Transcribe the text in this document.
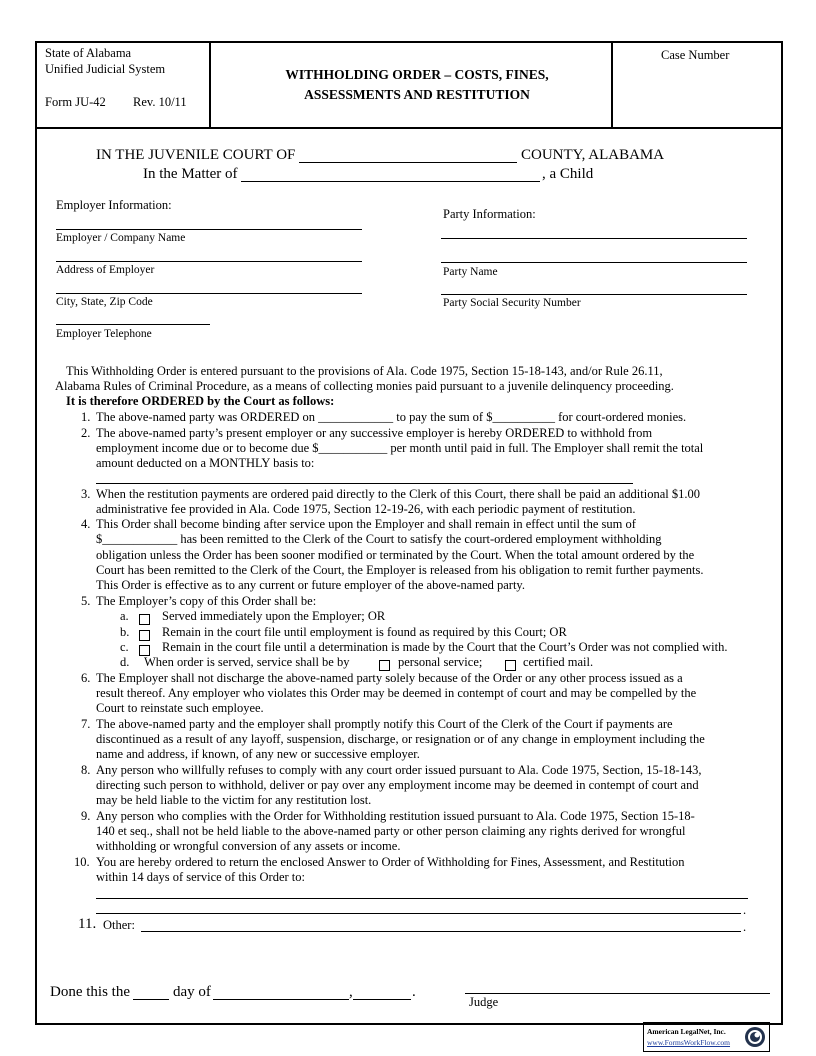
State of Alabama
Unified Judicial System
Form JU-42 Rev. 10/11
WITHHOLDING ORDER – COSTS, FINES,
ASSESSMENTS AND RESTITUTION
Case Number
IN THE JUVENILE COURT OF	COUNTY, ALABAMA
In the Matter of	, a Child
Employer Information:
Employer / Company Name
Address of Employer
City, State, Zip Code
Employer Telephone
Party Information:
Party Name
Party Social Security Number
This Withholding Order is entered pursuant to the provisions of Ala. Code 1975, Section 15-18-143, and/or Rule 26.11,
Alabama Rules of Criminal Procedure, as a means of collecting monies paid pursuant to a juvenile delinquency proceeding.
It is therefore ORDERED by the Court as follows:
1. The above-named party was ORDERED on ____________ to pay the sum of $__________ for court-ordered monies.
2. The above-named party’s present employer or any successive employer is hereby ORDERED to withhold from
employment income due or to become due $___________ per month until paid in full. The Employer shall remit the total
amount deducted on a MONTHLY basis to:
3. When the restitution payments are ordered paid directly to the Clerk of this Court, there shall be paid an additional $1.00
administrative fee provided in Ala. Code 1975, Section 12-19-26, with each periodic payment of restitution.
4. This Order shall become binding after service upon the Employer and shall remain in effect until the sum of
$____________ has been remitted to the Clerk of the Court to satisfy the court-ordered employment withholding
obligation unless the Order has been sooner modified or terminated by the Court. When the total amount ordered by the
Court has been remitted to the Clerk of the Court, the Employer is released from his obligation to remit further payments.
This Order is effective as to any current or future employer of the above-named party.
5. The Employer’s copy of this Order shall be:
a.	Served immediately upon the Employer; OR
b.	Remain in the court file until employment is found as required by this Court; OR
c.	Remain in the court file until a determination is made by the Court that the Court’s Order was not complied with.
d. When order is served, service shall be by	personal service;	certified mail.
6. The Employer shall not discharge the above-named party solely because of the Order or any other process issued as a
result thereof. Any employer who violates this Order may be deemed in contempt of court and may be compelled by the
Court to reinstate such employee.
7. The above-named party and the employer shall promptly notify this Court of the Clerk of the Court if payments are
discontinued as a result of any layoff, suspension, discharge, or resignation or of any change in employment including the
name and address, if known, of any new or successive employer.
8. Any person who willfully refuses to comply with any court order issued pursuant to Ala. Code 1975, Section, 15-18-143,
directing such person to withhold, deliver or pay over any employment income may be deemed in contempt of court and
may be held liable to the victim for any restitution lost.
9. Any person who complies with the Order for Withholding restitution issued pursuant to Ala. Code 1975, Section 15-18-
140 et seq., shall not be held liable to the above-named party or other person claiming any rights derived for wrongful
withholding or wrongful conversion of any assets or income.
10. You are hereby ordered to return the enclosed Answer to Order of Withholding for Fines, Assessment, and Restitution
within 14 days of service of this Order to:
.
11. Other:	.
Done this the	day of	,	.
Judge
American LegalNet, Inc.
www.FormsWorkFlow.com
